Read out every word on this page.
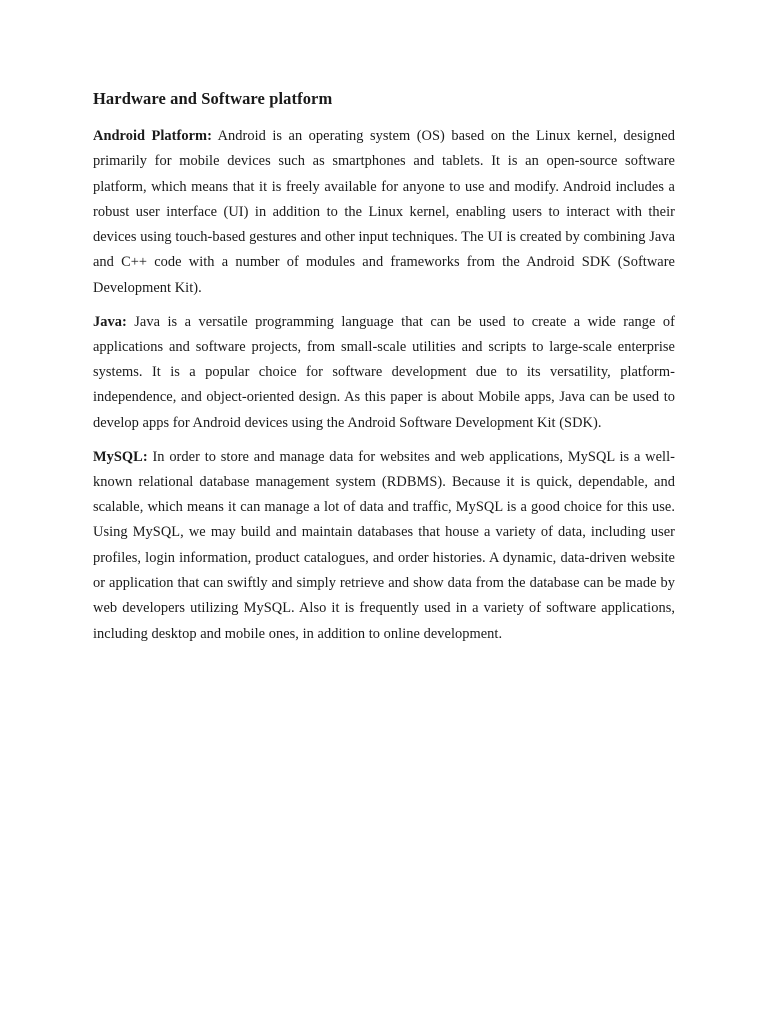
Hardware and Software platform

Android Platform: Android is an operating system (OS) based on the Linux kernel, designed primarily for mobile devices such as smartphones and tablets. It is an open-source software platform, which means that it is freely available for anyone to use and modify. Android includes a robust user interface (UI) in addition to the Linux kernel, enabling users to interact with their devices using touch-based gestures and other input techniques. The UI is created by combining Java and C++ code with a number of modules and frameworks from the Android SDK (Software Development Kit).

Java: Java is a versatile programming language that can be used to create a wide range of applications and software projects, from small-scale utilities and scripts to large-scale enterprise systems. It is a popular choice for software development due to its versatility, platform-independence, and object-oriented design. As this paper is about Mobile apps, Java can be used to develop apps for Android devices using the Android Software Development Kit (SDK).

MySQL: In order to store and manage data for websites and web applications, MySQL is a well-known relational database management system (RDBMS). Because it is quick, dependable, and scalable, which means it can manage a lot of data and traffic, MySQL is a good choice for this use. Using MySQL, we may build and maintain databases that house a variety of data, including user profiles, login information, product catalogues, and order histories. A dynamic, data-driven website or application that can swiftly and simply retrieve and show data from the database can be made by web developers utilizing MySQL. Also it is frequently used in a variety of software applications, including desktop and mobile ones, in addition to online development.
